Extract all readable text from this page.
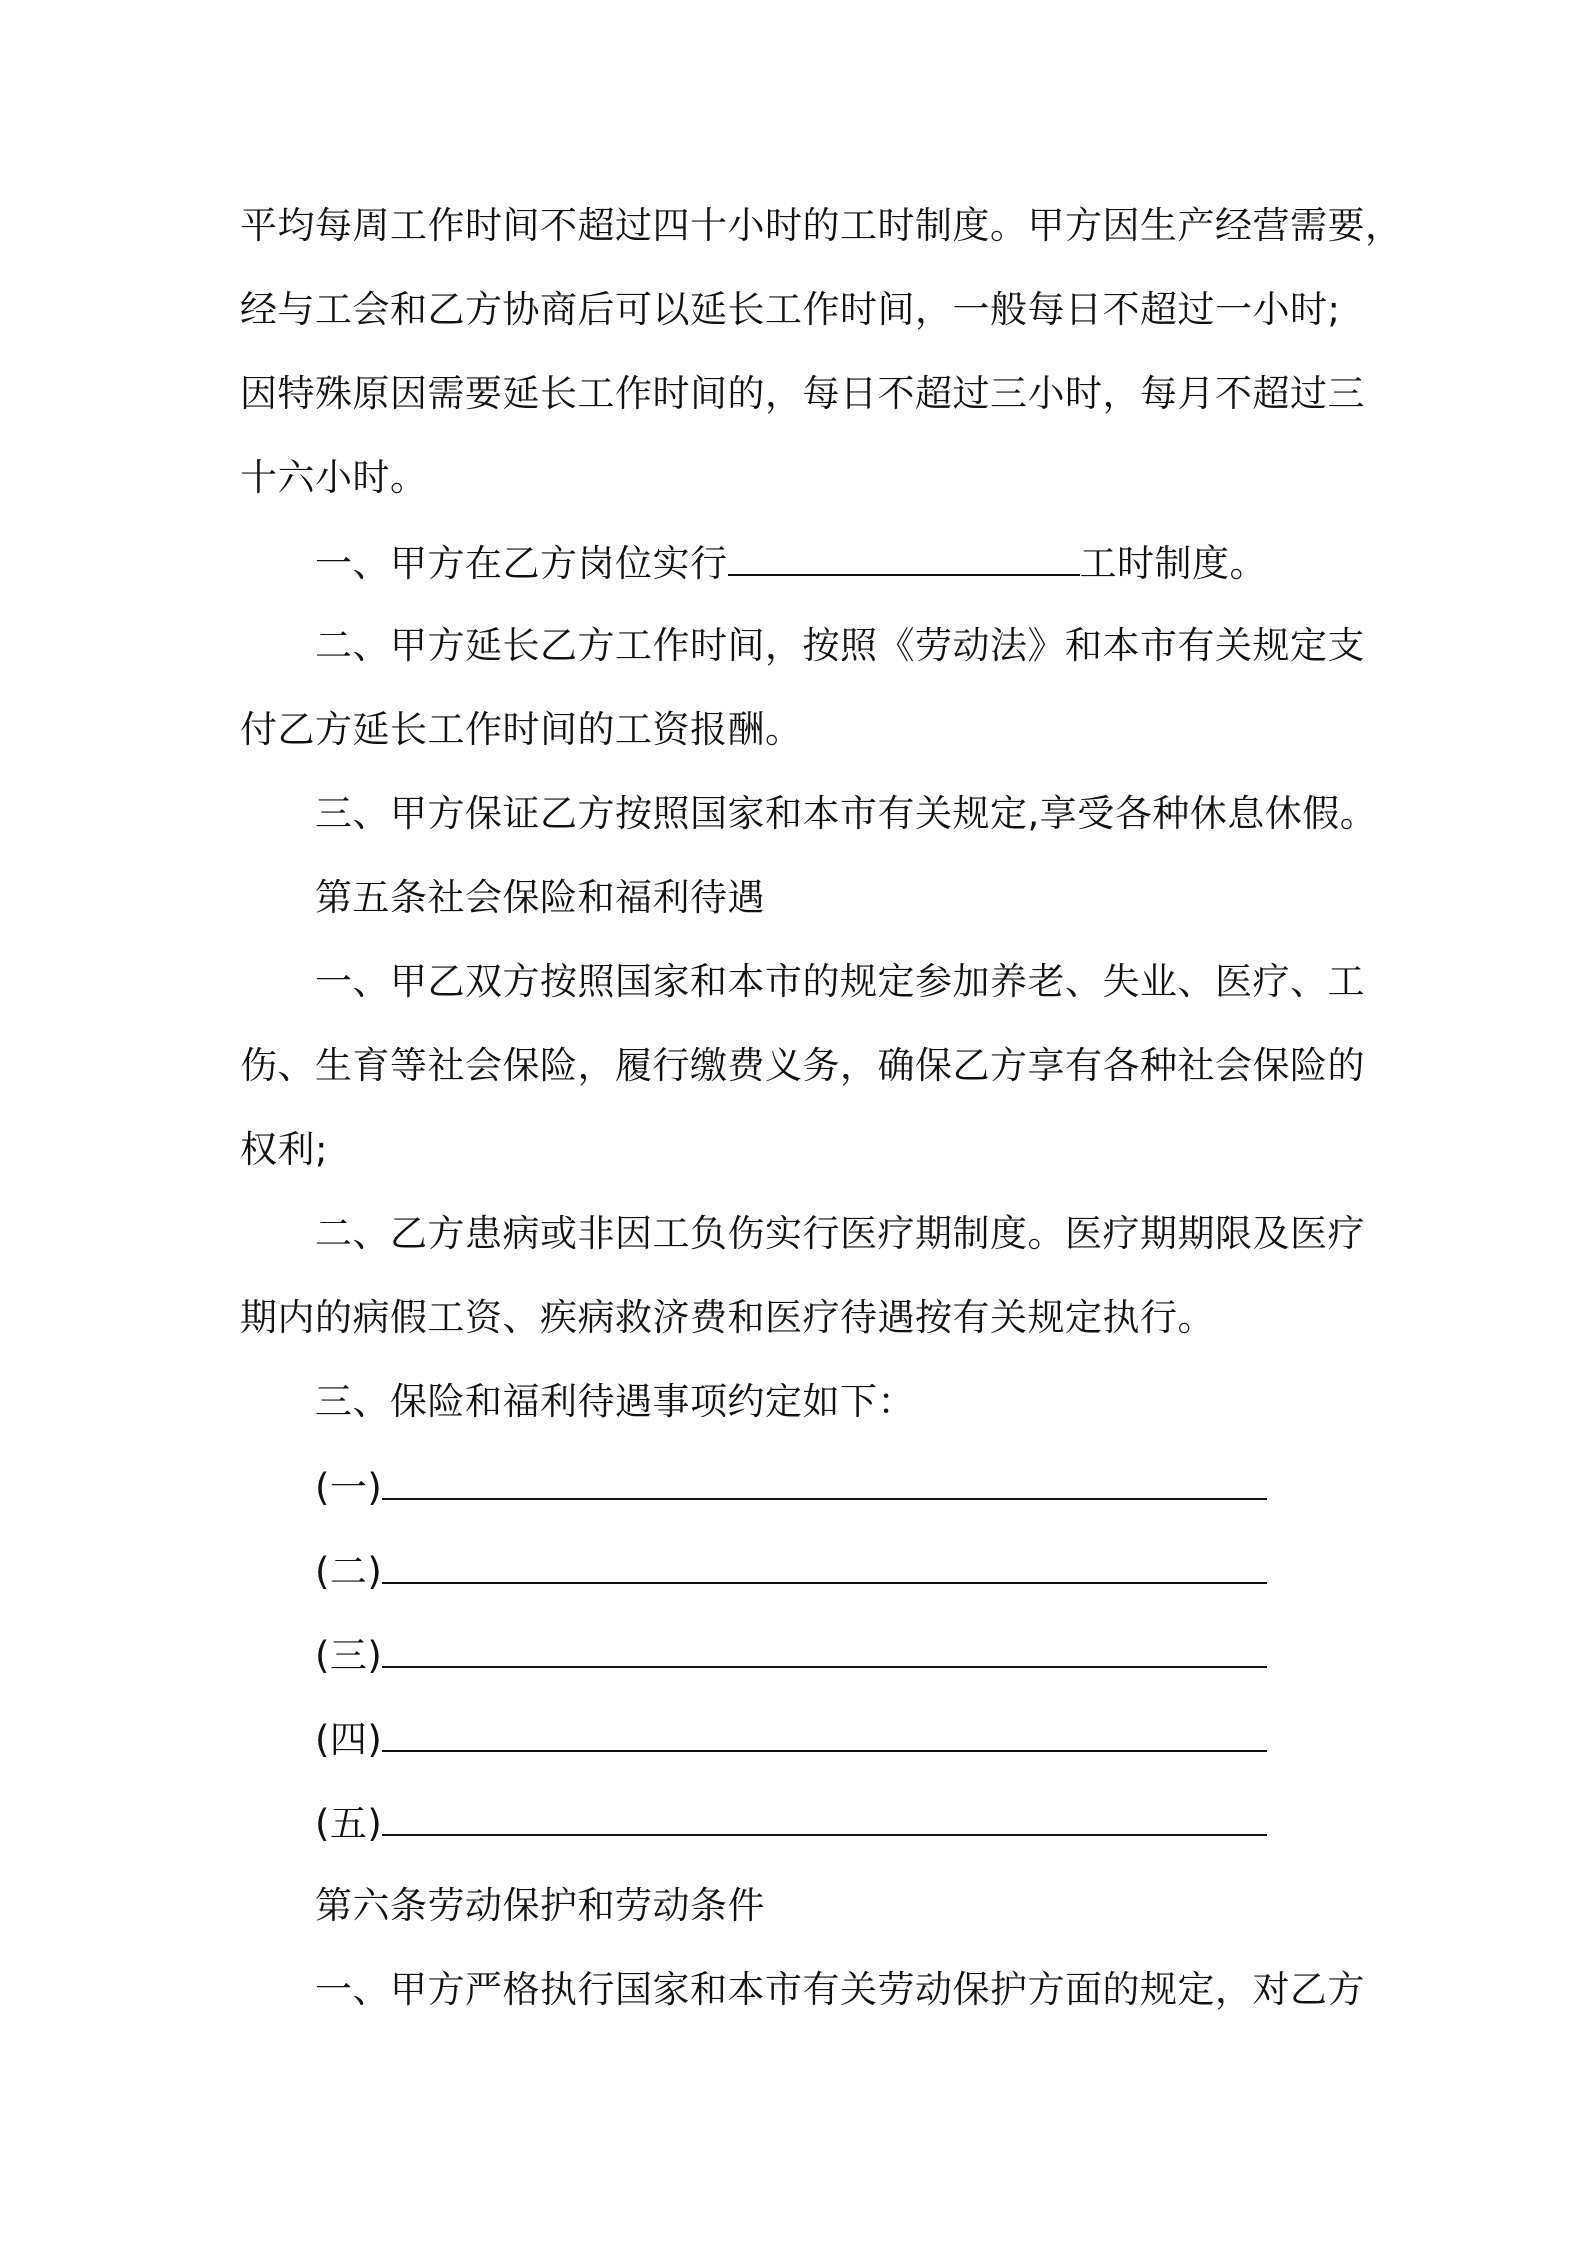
平均每周工作时间不超过四十小时的工时制度。甲方因生产经营需要，
经与工会和乙方协商后可以延长工作时间，一般每日不超过一小时;
因特殊原因需要延长工作时间的，每日不超过三小时，每月不超过三
十六小时。
一、甲方在乙方岗位实行	工时制度。
二、甲方延长乙方工作时间，按照《劳动法》和本市有关规定支
付乙方延长工作时间的工资报酬。
三、甲方保证乙方按照国家和本市有关规定,享受各种休息休假。
第五条社会保险和福利待遇
一、甲乙双方按照国家和本市的规定参加养老、失业、医疗、工
伤、生育等社会保险，履行缴费义务，确保乙方享有各种社会保险的
权利;
二、乙方患病或非因工负伤实行医疗期制度。医疗期期限及医疗
期内的病假工资、疾病救济费和医疗待遇按有关规定执行。
三、保险和福利待遇事项约定如下：
(一)
(二)
(三)
(四)
(五)
第六条劳动保护和劳动条件
一、甲方严格执行国家和本市有关劳动保护方面的规定，对乙方
